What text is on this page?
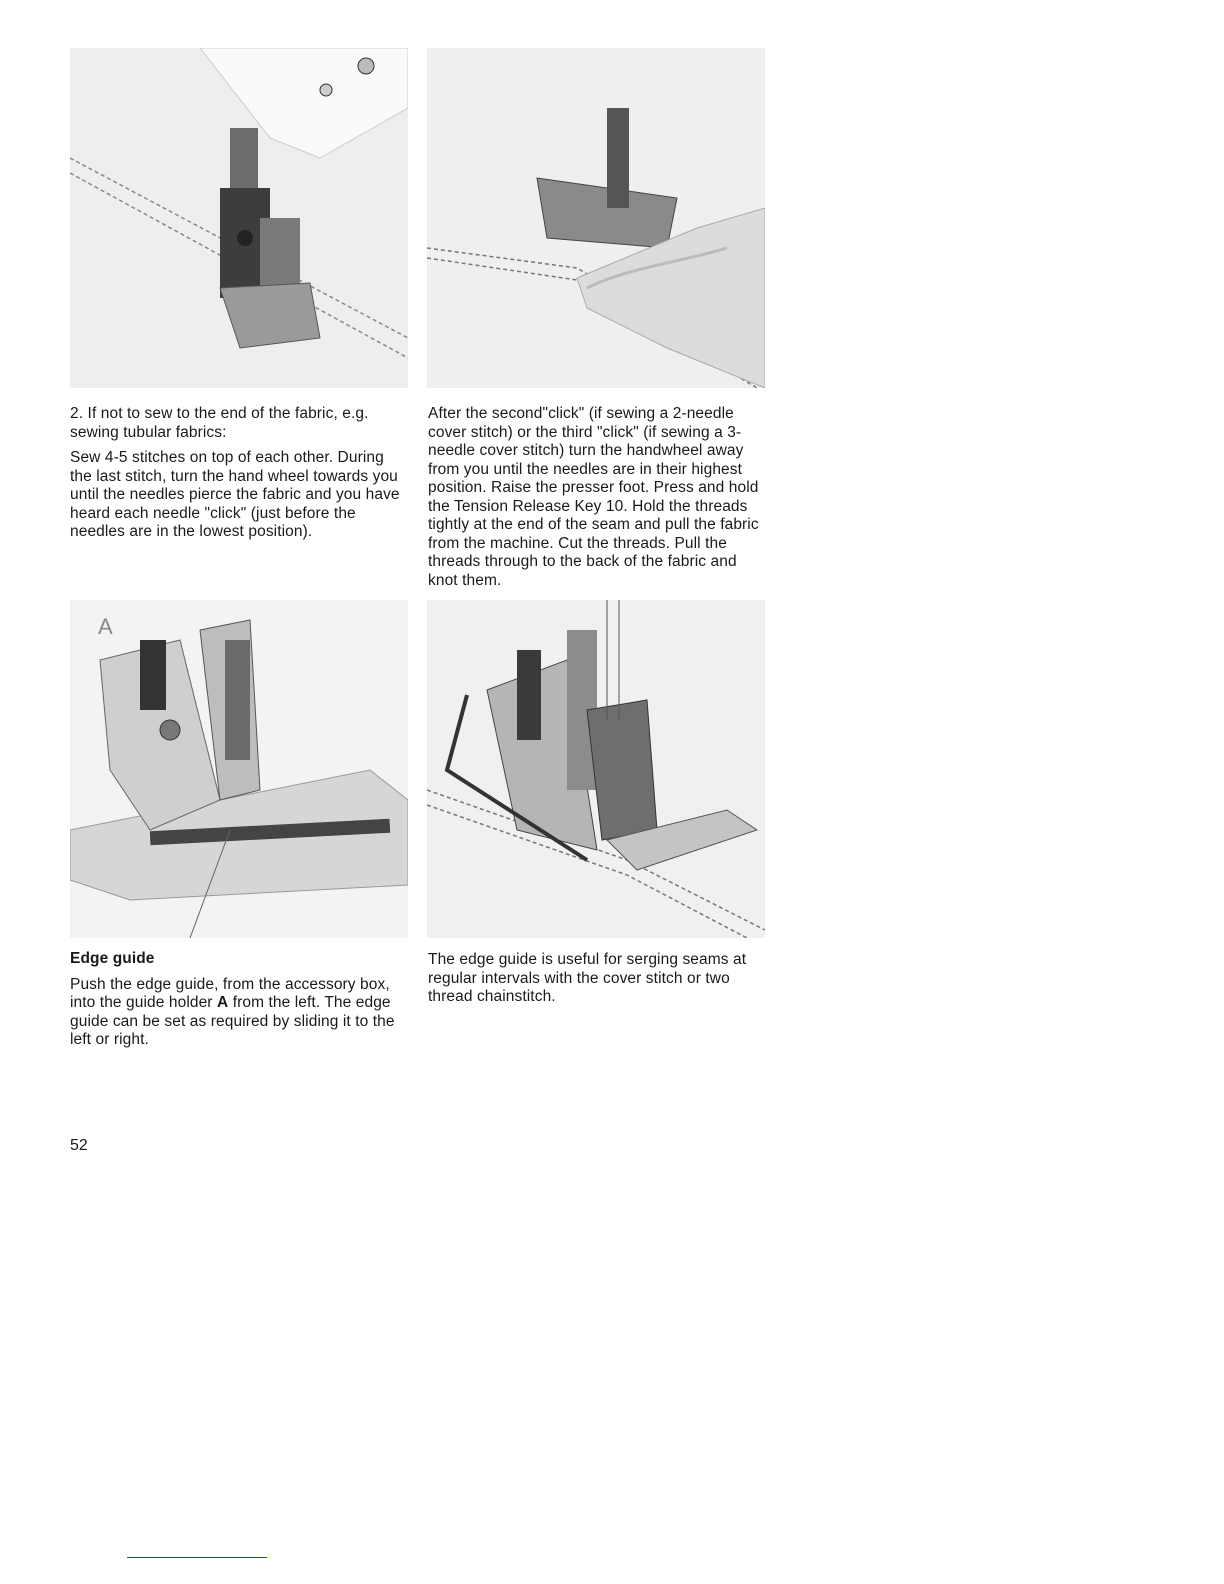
2. If not to sew to the end of the fabric, e.g. sewing tubular fabrics:

Sew 4-5 stitches on top of each other. During the last stitch, turn the hand wheel towards you until the needles pierce the fabric and you have heard each needle "click" (just before the needles are in the lowest position).

After the second"click" (if sewing a 2-needle cover stitch) or the third "click" (if sewing a 3-needle cover stitch) turn the handwheel away from you until the needles are in their highest position. Raise the presser foot. Press and hold the Tension Release Key 10. Hold the threads tightly at the end of the seam and pull the fabric from the machine. Cut the threads. Pull the threads through to the back of the fabric and knot them.

A

Edge guide

Push the edge guide, from the accessory box, into the guide holder A from the left. The edge guide can be set as required by sliding it to the left or right.

The edge guide is useful for serging seams at regular intervals with the cover stitch or two thread chainstitch.

52
